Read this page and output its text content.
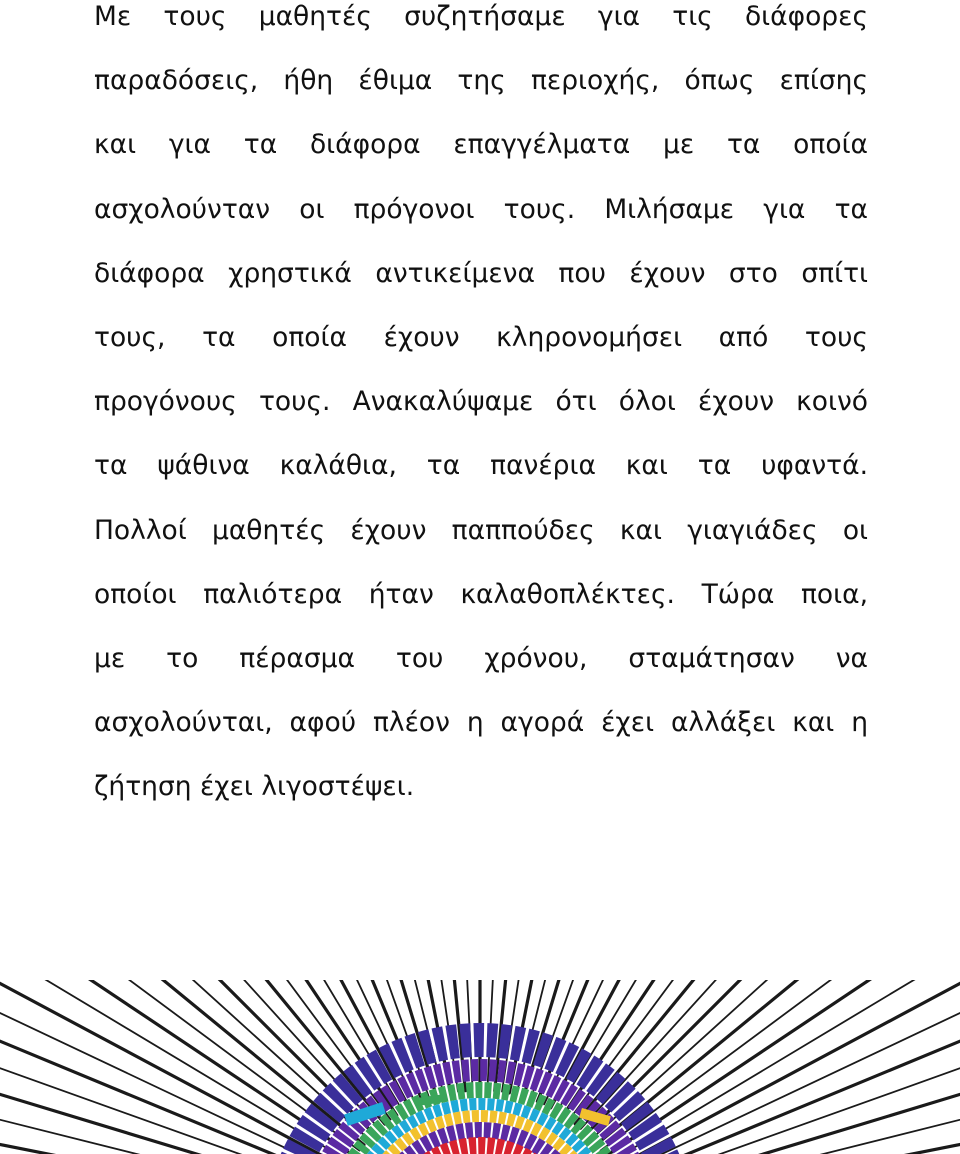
Με τους μαθητές συζητήσαμε για τις διάφορες
παραδόσεις, ήθη έθιμα της περιοχής, όπως επίσης
και για τα διάφορα επαγγέλματα με τα οποία
ασχολούνταν οι πρόγονοι τους. Μιλήσαμε για τα
διάφορα χρηστικά αντικείμενα που έχουν στο σπίτι
τους, τα οποία έχουν κληρονομήσει από τους
προγόνους τους. Ανακαλύψαμε ότι όλοι έχουν κοινό
τα ψάθινα καλάθια, τα πανέρια και τα υφαντά.
Πολλοί μαθητές έχουν παππούδες και γιαγιάδες οι
οποίοι παλιότερα ήταν καλαθοπλέκτες. Τώρα ποια,
με το πέρασμα του χρόνου, σταμάτησαν να
ασχολούνται, αφού πλέον η αγορά έχει αλλάξει και η
ζήτηση έχει λιγοστέψει.
